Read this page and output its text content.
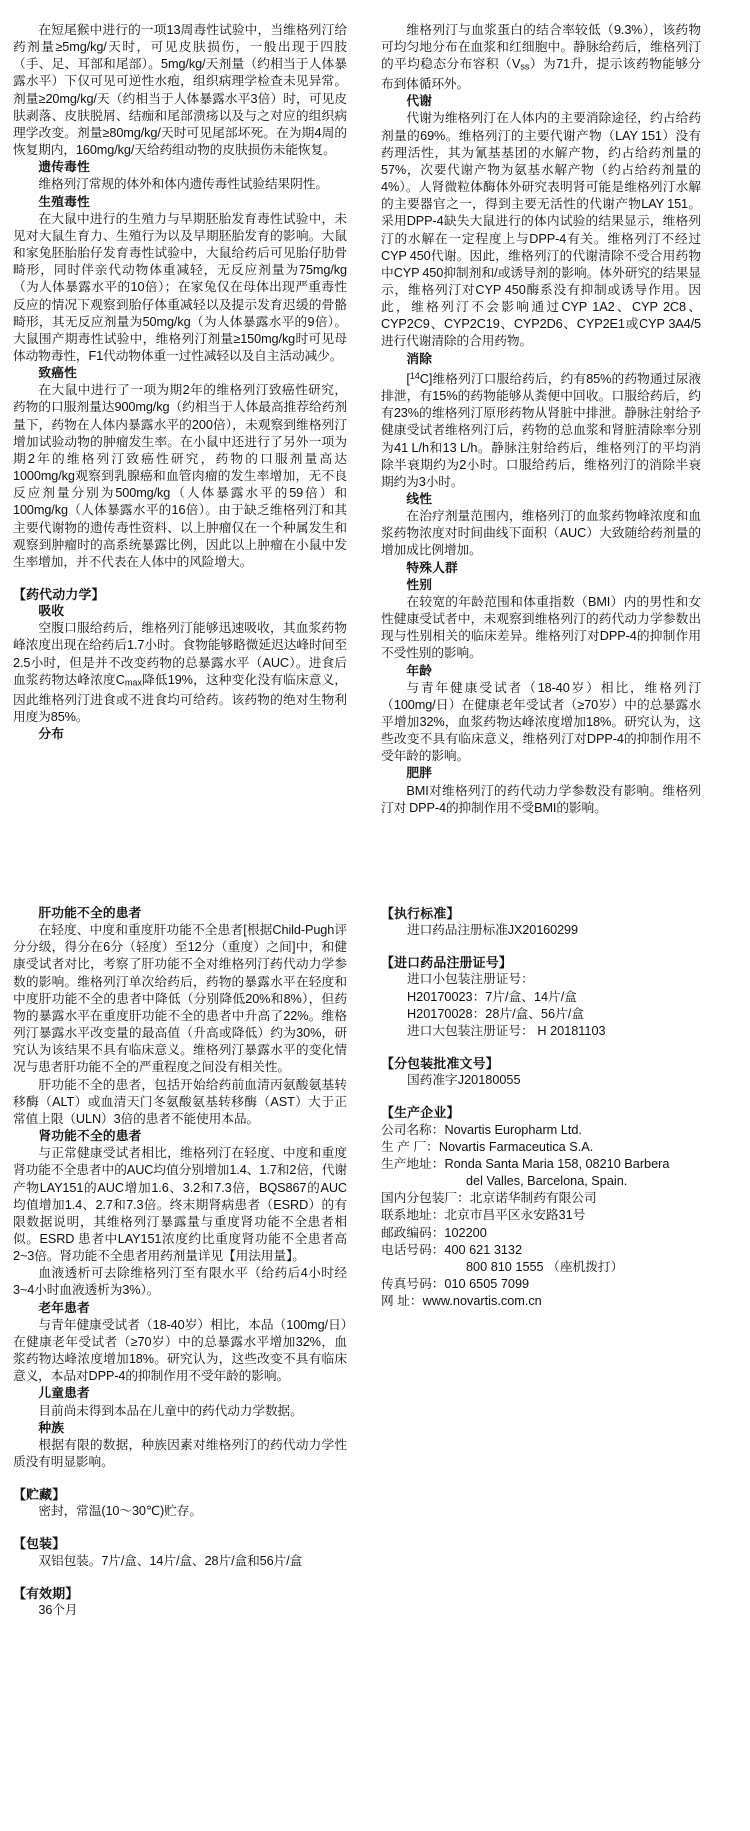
在短尾猴中进行的一项13周毒性试验中，当维格列汀给药剂量≥5mg/kg/天时，可见皮肤损伤，一般出现于四肢（手、足、耳部和尾部）。5mg/kg/天剂量（约相当于人体暴露水平）下仅可见可逆性水疱，组织病理学检查未见异常。剂量≥20mg/kg/天（约相当于人体暴露水平3倍）时，可见皮肤剥落、皮肤脱屑、结痂和尾部溃疡以及与之对应的组织病理学改变。剂量≥80mg/kg/天时可见尾部坏死。在为期4周的恢复期内，160mg/kg/天给药组动物的皮肤损伤未能恢复。

遗传毒性

维格列汀常规的体外和体内遗传毒性试验结果阴性。

生殖毒性

在大鼠中进行的生殖力与早期胚胎发育毒性试验中，未见对大鼠生育力、生殖行为以及早期胚胎发育的影响。大鼠和家兔胚胎胎仔发育毒性试验中，大鼠给药后可见胎仔肋骨畸形，同时伴亲代动物体重减轻，无反应剂量为75mg/kg（为人体暴露水平的10倍）；在家兔仅在母体出现严重毒性反应的情况下观察到胎仔体重减轻以及提示发育迟缓的骨骼畸形，其无反应剂量为50mg/kg（为人体暴露水平的9倍）。大鼠围产期毒性试验中，维格列汀剂量≥150mg/kg时可见母体动物毒性，F1代动物体重一过性减轻以及自主活动减少。

致癌性

在大鼠中进行了一项为期2年的维格列汀致癌性研究，药物的口服剂量达900mg/kg（约相当于人体最高推荐给药剂量下，药物在人体内暴露水平的200倍），未观察到维格列汀增加试验动物的肿瘤发生率。在小鼠中还进行了另外一项为期2年的维格列汀致癌性研究，药物的口服剂量高达1000mg/kg观察到乳腺癌和血管肉瘤的发生率增加，无不良反应剂量分别为500mg/kg（人体暴露水平的59倍）和100mg/kg（人体暴露水平的16倍）。由于缺乏维格列汀和其主要代谢物的遗传毒性资料、以上肿瘤仅在一个种属发生和观察到肿瘤时的高系统暴露比例，因此以上肿瘤在小鼠中发生率增加，并不代表在人体中的风险增大。

【药代动力学】
吸收

空腹口服给药后，维格列汀能够迅速吸收，其血浆药物峰浓度出现在给药后1.7小时。食物能够略微延迟达峰时间至2.5小时，但是并不改变药物的总暴露水平（AUC）。进食后血浆药物达峰浓度$C_{max}$降低19%，这种变化没有临床意义，因此维格列汀进食或不进食均可给药。该药物的绝对生物利用度为85%。

分布

维格列汀与血浆蛋白的结合率较低（9.3%），该药物可均匀地分布在血浆和红细胞中。静脉给药后，维格列汀的平均稳态分布容积$(V_{ss})$为71升，提示该药物能够分布到体循环外。

代谢

代谢为维格列汀在人体内的主要消除途径，约占给药剂量的69%。维格列汀的主要代谢产物（LAY 151）没有药理活性，其为氰基基团的水解产物，约占给药剂量的57%，次要代谢产物为氨基水解产物（约占给药剂量的4%）。人肾微粒体酶体外研究表明肾可能是维格列汀水解的主要器官之一，得到主要无活性的代谢产物LAY 151。采用DPP-4缺失大鼠进行的体内试验的结果显示，维格列汀的水解在一定程度上与DPP-4有关。维格列汀不经过CYP 450代谢。因此，维格列汀的代谢清除不受合用药物中CYP 450抑制剂和/或诱导剂的影响。体外研究的结果显示，维格列汀对CYP 450酶系没有抑制或诱导作用。因此，维格列汀不会影响通过CYP 1A2、CYP 2C8、CYP2C9、CYP2C19、CYP2D6、CYP2E1或CYP 3A4/5进行代谢清除的合用药物。

消除

[$^{14}$C]维格列汀口服给药后，约有85%的药物通过尿液排泄，有15%的药物能够从粪便中回收。口服给药后，约有23%的维格列汀原形药物从肾脏中排泄。静脉注射给予健康受试者维格列汀后，药物的总血浆和肾脏清除率分别为41 L/h和13 L/h。静脉注射给药后，维格列汀的平均消除半衰期约为2小时。口服给药后，维格列汀的消除半衰期约为3小时。

线性

在治疗剂量范围内，维格列汀的血浆药物峰浓度和血浆药物浓度对时间曲线下面积（AUC）大致随给药剂量的增加成比例增加。

特殊人群
性别

在较宽的年龄范围和体重指数（BMI）内的男性和女性健康受试者中，未观察到维格列汀的药代动力学参数出现与性别相关的临床差异。维格列汀对DPP-4的抑制作用不受性别的影响。

年龄

与青年健康受试者（18-40岁）相比，维格列汀（100mg/日）在健康老年受试者（≥70岁）中的总暴露水平增加32%，血浆药物达峰浓度增加18%。研究认为，这些改变不具有临床意义，维格列汀对DPP-4的抑制作用不受年龄的影响。

肥胖

BMI对维格列汀的药代动力学参数没有影响。维格列汀对 DPP-4的抑制作用不受BMI的影响。

肝功能不全的患者

在轻度、中度和重度肝功能不全患者[根据Child-Pugh评分分级，得分在6分（轻度）至12分（重度）之间]中，和健康受试者对比，考察了肝功能不全对维格列汀药代动力学参数的影响。维格列汀单次给药后，药物的暴露水平在轻度和中度肝功能不全的患者中降低（分别降低20%和8%），但药物的暴露水平在重度肝功能不全的患者中升高了22%。维格列汀暴露水平改变量的最高值（升高或降低）约为30%，研究认为该结果不具有临床意义。维格列汀暴露水平的变化情况与患者肝功能不全的严重程度之间没有相关性。

肝功能不全的患者，包括开始给药前血清丙氨酸氨基转移酶（ALT）或血清天门冬氨酸氨基转移酶（AST）大于正常值上限（ULN）3倍的患者不能使用本品。

肾功能不全的患者

与正常健康受试者相比，维格列汀在轻度、中度和重度肾功能不全患者中的AUC均值分别增加1.4、1.7和2倍，代谢产物LAY151的AUC增加1.6、3.2和7.3倍，BQS867的AUC均值增加1.4、2.7和7.3倍。终末期肾病患者（ESRD）的有限数据说明，其维格列汀暴露量与重度肾功能不全患者相似。ESRD 患者中LAY151浓度约比重度肾功能不全患者高2~3倍。肾功能不全患者用药剂量详见【用法用量】。

血液透析可去除维格列汀至有限水平（给药后4小时经3~4小时血液透析为3%）。

老年患者

与青年健康受试者（18-40岁）相比，本品（100mg/日）在健康老年受试者（≥70岁）中的总暴露水平增加32%，血浆药物达峰浓度增加18%。研究认为，这些改变不具有临床意义，本品对DPP-4的抑制作用不受年龄的影响。

儿童患者

目前尚未得到本品在儿童中的药代动力学数据。

种族

根据有限的数据，种族因素对维格列汀的药代动力学性质没有明显影响。

【贮藏】

密封，常温(10～30℃)贮存。

【包装】

双铝包装。7片/盒、14片/盒、28片/盒和56片/盒

【有效期】

36个月

【执行标准】

进口药品注册标准JX20160299

【进口药品注册证号】

进口小包装注册证号：

H20170023：7片/盒、14片/盒

H20170028：28片/盒、56片/盒

进口大包装注册证号： H 20181103

【分包装批准文号】

国药准字J20180055

【生产企业】
公司名称： Novartis Europharm Ltd.
生 产 厂： Novartis Farmaceutica S.A.
生产地址： Ronda Santa Maria 158, 08210 Barbera

del Valles, Barcelona, Spain.

国内分包装厂：北京诺华制药有限公司

联系地址：北京市昌平区永安路31号

邮政编码：102200

电话号码：400 621 3132

800 810 1555 （座机拨打）

传真号码：010 6505 7099

网 址：www.novartis.com.cn
